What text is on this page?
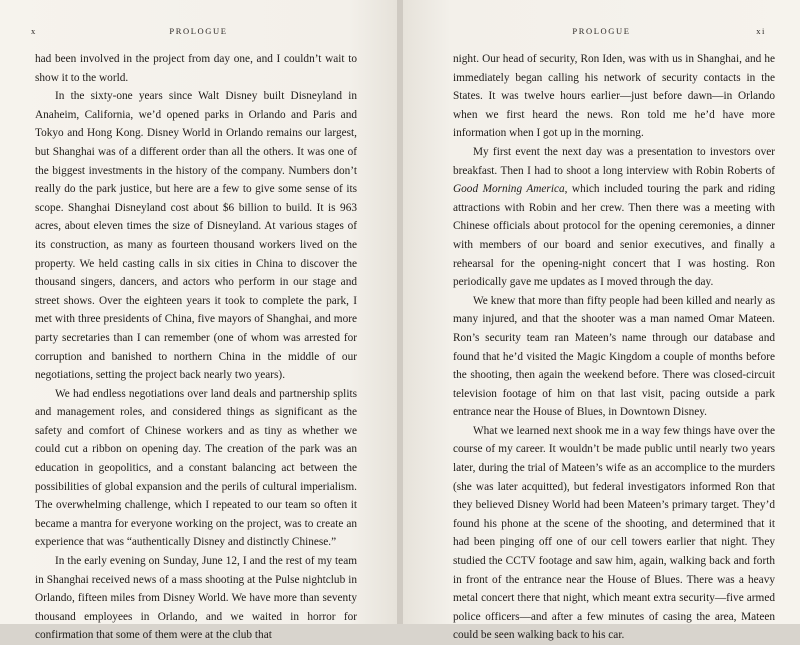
x	PROLOGUE

had been involved in the project from day one, and I couldn’t wait to show it to the world.

In the sixty-one years since Walt Disney built Disneyland in Anaheim, California, we’d opened parks in Orlando and Paris and Tokyo and Hong Kong. Disney World in Orlando remains our largest, but Shanghai was of a different order than all the others. It was one of the biggest investments in the history of the company. Numbers don’t really do the park justice, but here are a few to give some sense of its scope. Shanghai Disneyland cost about $6 billion to build. It is 963 acres, about eleven times the size of Disneyland. At various stages of its construction, as many as fourteen thousand workers lived on the property. We held casting calls in six cities in China to discover the thousand singers, dancers, and actors who perform in our stage and street shows. Over the eighteen years it took to complete the park, I met with three presidents of China, five mayors of Shanghai, and more party secretaries than I can remember (one of whom was arrested for corruption and banished to northern China in the middle of our negotiations, setting the project back nearly two years).

We had endless negotiations over land deals and partnership splits and management roles, and considered things as significant as the safety and comfort of Chinese workers and as tiny as whether we could cut a ribbon on opening day. The creation of the park was an education in geopolitics, and a constant balancing act between the possibilities of global expansion and the perils of cultural imperialism. The overwhelming challenge, which I repeated to our team so often it became a mantra for everyone working on the project, was to create an experience that was “authentically Disney and distinctly Chinese.”

In the early evening on Sunday, June 12, I and the rest of my team in Shanghai received news of a mass shooting at the Pulse nightclub in Orlando, fifteen miles from Disney World. We have more than seventy thousand employees in Orlando, and we waited in horror for confirmation that some of them were at the club that

PROLOGUE	xi

night. Our head of security, Ron Iden, was with us in Shanghai, and he immediately began calling his network of security contacts in the States. It was twelve hours earlier—just before dawn—in Orlando when we first heard the news. Ron told me he’d have more information when I got up in the morning.

My first event the next day was a presentation to investors over breakfast. Then I had to shoot a long interview with Robin Roberts of Good Morning America, which included touring the park and riding attractions with Robin and her crew. Then there was a meeting with Chinese officials about protocol for the opening ceremonies, a dinner with members of our board and senior executives, and finally a rehearsal for the opening-night concert that I was hosting. Ron periodically gave me updates as I moved through the day.

We knew that more than fifty people had been killed and nearly as many injured, and that the shooter was a man named Omar Mateen. Ron’s security team ran Mateen’s name through our database and found that he’d visited the Magic Kingdom a couple of months before the shooting, then again the weekend before. There was closed-circuit television footage of him on that last visit, pacing outside a park entrance near the House of Blues, in Downtown Disney.

What we learned next shook me in a way few things have over the course of my career. It wouldn’t be made public until nearly two years later, during the trial of Mateen’s wife as an accomplice to the murders (she was later acquitted), but federal investigators informed Ron that they believed Disney World had been Mateen’s primary target. They’d found his phone at the scene of the shooting, and determined that it had been pinging off one of our cell towers earlier that night. They studied the CCTV footage and saw him, again, walking back and forth in front of the entrance near the House of Blues. There was a heavy metal concert there that night, which meant extra security—five armed police officers—and after a few minutes of casing the area, Mateen could be seen walking back to his car.
